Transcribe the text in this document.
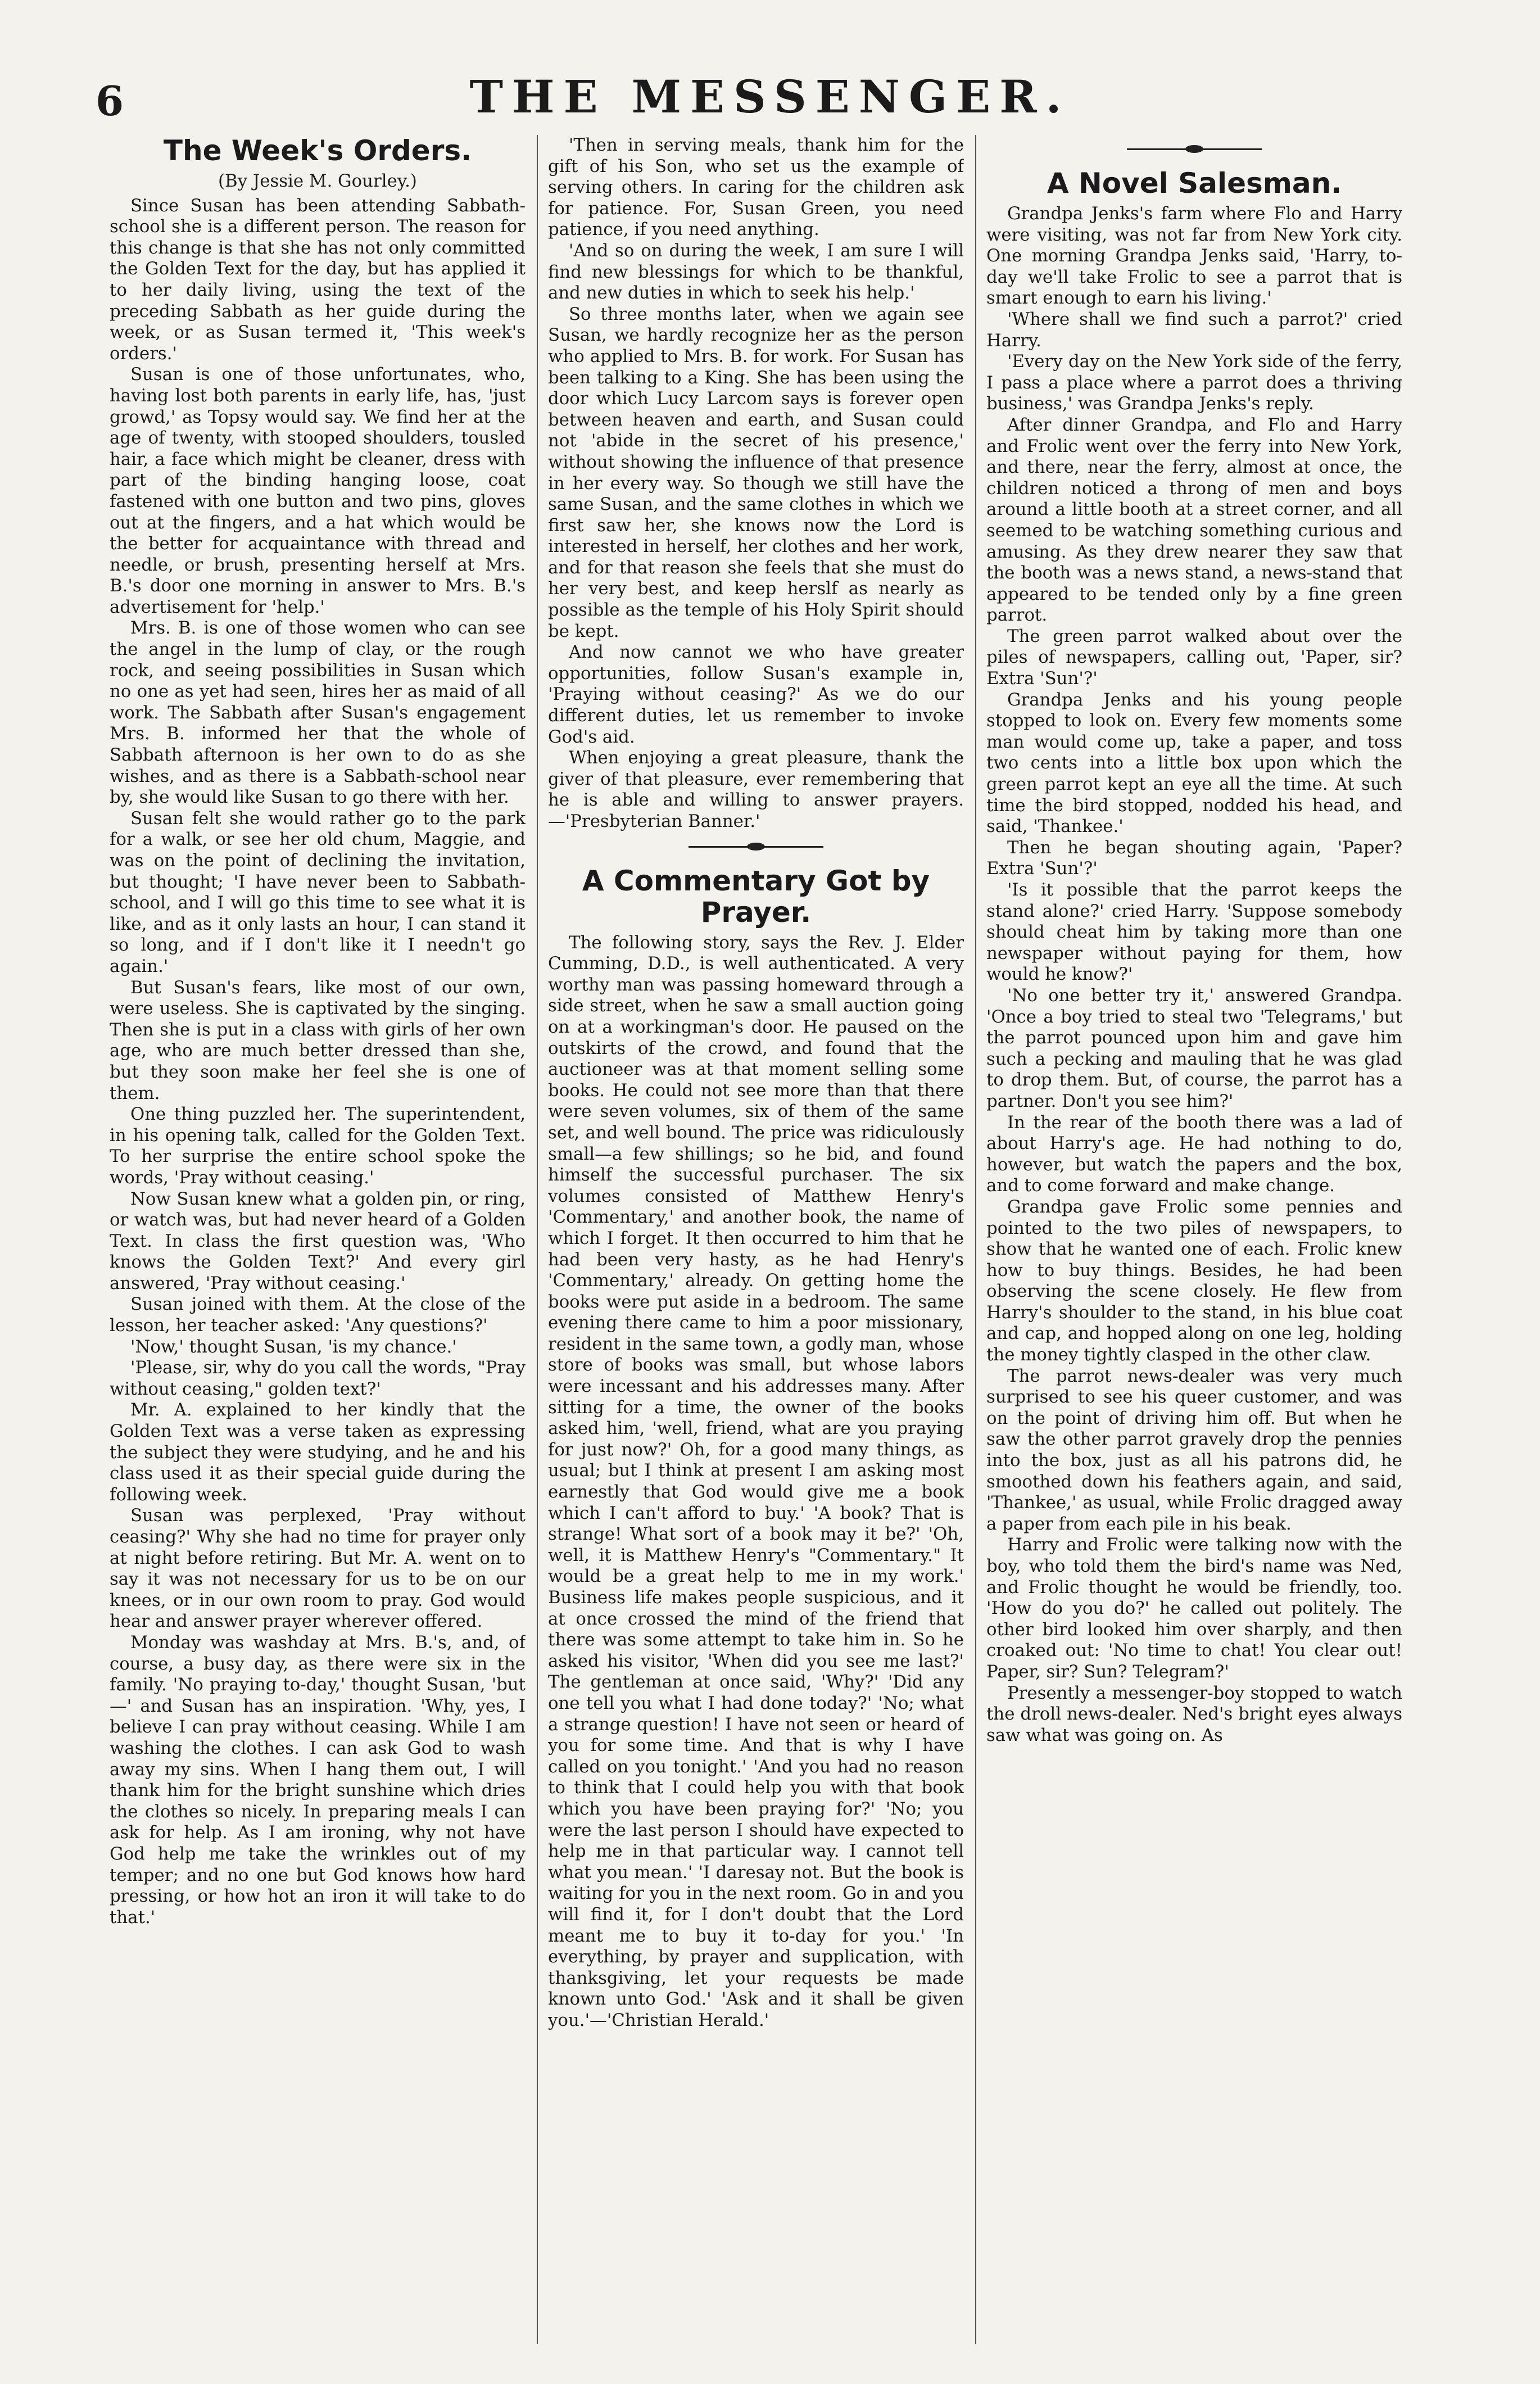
6	THE MESSENGER.
The Week's Orders.
(By Jessie M. Gourley.)

Since Susan has been attending Sabbath-school she is a different person. The reason for this change is that she has not only committed the Golden Text for the day, but has applied it to her daily living, using the text of the preceding Sabbath as her guide during the week, or as Susan termed it, 'This week's orders.'

Susan is one of those unfortunates, who, having lost both parents in early life, has, 'just growd,' as Topsy would say. We find her at the age of twenty, with stooped shoulders, tousled hair, a face which might be cleaner, dress with part of the binding hanging loose, coat fastened with one button and two pins, gloves out at the fingers, and a hat which would be the better for acquaintance with thread and needle, or brush, presenting herself at Mrs. B.'s door one morning in answer to Mrs. B.'s advertisement for 'help.'

Mrs. B. is one of those women who can see the angel in the lump of clay, or the rough rock, and seeing possibilities in Susan which no one as yet had seen, hires her as maid of all work. The Sabbath after Susan's engagement Mrs. B. informed her that the whole of Sabbath afternoon is her own to do as she wishes, and as there is a Sabbath-school near by, she would like Susan to go there with her.

Susan felt she would rather go to the park for a walk, or see her old chum, Maggie, and was on the point of declining the invitation, but thought; 'I have never been to Sabbath-school, and I will go this time to see what it is like, and as it only lasts an hour, I can stand it so long, and if I don't like it I needn't go again.'

But Susan's fears, like most of our own, were useless. She is captivated by the singing. Then she is put in a class with girls of her own age, who are much better dressed than she, but they soon make her feel she is one of them.

One thing puzzled her. The superintendent, in his opening talk, called for the Golden Text. To her surprise the entire school spoke the words, 'Pray without ceasing.'

Now Susan knew what a golden pin, or ring, or watch was, but had never heard of a Golden Text. In class the first question was, 'Who knows the Golden Text?' And every girl answered, 'Pray without ceasing.'

Susan joined with them. At the close of the lesson, her teacher asked: 'Any questions?'

'Now,' thought Susan, 'is my chance.'

'Please, sir, why do you call the words, "Pray without ceasing," golden text?'

Mr. A. explained to her kindly that the Golden Text was a verse taken as expressing the subject they were studying, and he and his class used it as their special guide during the following week.

Susan was perplexed, 'Pray without ceasing?' Why she had no time for prayer only at night before retiring. But Mr. A. went on to say it was not necessary for us to be on our knees, or in our own room to pray. God would hear and answer prayer wherever offered.

Monday was washday at Mrs. B.'s, and, of course, a busy day, as there were six in the family. 'No praying to-day,' thought Susan, 'but —' and Susan has an inspiration. 'Why, yes, I believe I can pray without ceasing. While I am washing the clothes. I can ask God to wash away my sins. When I hang them out, I will thank him for the bright sunshine which dries the clothes so nicely. In preparing meals I can ask for help. As I am ironing, why not have God help me take the wrinkles out of my temper; and no one but God knows how hard pressing, or how hot an iron it will take to do that.'

'Then in serving meals, thank him for the gift of his Son, who set us the example of serving others. In caring for the children ask for patience. For, Susan Green, you need patience, if you need anything.

'And so on during the week, I am sure I will find new blessings for which to be thankful, and new duties in which to seek his help.'

So three months later, when we again see Susan, we hardly recognize her as the person who applied to Mrs. B. for work. For Susan has been talking to a King. She has been using the door which Lucy Larcom says is forever open between heaven and earth, and Susan could not 'abide in the secret of his presence,' without showing the influence of that presence in her every way. So though we still have the same Susan, and the same clothes in which we first saw her, she knows now the Lord is interested in herself, her clothes and her work, and for that reason she feels that she must do her very best, and keep herslf as nearly as possible as the temple of his Holy Spirit should be kept.

And now cannot we who have greater opportunities, follow Susan's example in, 'Praying without ceasing?' As we do our different duties, let us remember to invoke God's aid.

When enjoying a great pleasure, thank the giver of that pleasure, ever remembering that he is able and willing to answer prayers.—'Presbyterian Banner.'

A Commentary Got by Prayer.

The following story, says the Rev. J. Elder Cumming, D.D., is well authenticated. A very worthy man was passing homeward through a side street, when he saw a small auction going on at a workingman's door. He paused on the outskirts of the crowd, and found that the auctioneer was at that moment selling some books. He could not see more than that there were seven volumes, six of them of the same set, and well bound. The price was ridiculously small—a few shillings; so he bid, and found himself the successful purchaser. The six volumes consisted of Matthew Henry's 'Commentary,' and another book, the name of which I forget. It then occurred to him that he had been very hasty, as he had Henry's 'Commentary,' already. On getting home the books were put aside in a bedroom. The same evening there came to him a poor missionary, resident in the same town, a godly man, whose store of books was small, but whose labors were incessant and his addresses many. After sitting for a time, the owner of the books asked him, 'well, friend, what are you praying for just now?' Oh, for a good many things, as usual; but I think at present I am asking most earnestly that God would give me a book which I can't afford to buy.' 'A book? That is strange! What sort of a book may it be?' 'Oh, well, it is Matthew Henry's "Commentary." It would be a great help to me in my work.' Business life makes people suspicious, and it at once crossed the mind of the friend that there was some attempt to take him in. So he asked his visitor, 'When did you see me last?' The gentleman at once said, 'Why?' 'Did any one tell you what I had done today?' 'No; what a strange question! I have not seen or heard of you for some time. And that is why I have called on you tonight.' 'And you had no reason to think that I could help you with that book which you have been praying for?' 'No; you were the last person I should have expected to help me in that particular way. I cannot tell what you mean.' 'I daresay not. But the book is waiting for you in the next room. Go in and you will find it, for I don't doubt that the Lord meant me to buy it to-day for you.' 'In everything, by prayer and supplication, with thanksgiving, let your requests be made known unto God.' 'Ask and it shall be given you.'—'Christian Herald.'

A Novel Salesman.

Grandpa Jenks's farm where Flo and Harry were visiting, was not far from New York city. One morning Grandpa Jenks said, 'Harry, to-day we'll take Frolic to see a parrot that is smart enough to earn his living.'

'Where shall we find such a parrot?' cried Harry.

'Every day on the New York side of the ferry, I pass a place where a parrot does a thriving business,' was Grandpa Jenks's reply.

After dinner Grandpa, and Flo and Harry and Frolic went over the ferry into New York, and there, near the ferry, almost at once, the children noticed a throng of men and boys around a little booth at a street corner, and all seemed to be watching something curious and amusing. As they drew nearer they saw that the booth was a news stand, a news-stand that appeared to be tended only by a fine green parrot.

The green parrot walked about over the piles of newspapers, calling out, 'Paper, sir? Extra 'Sun'?'

Grandpa Jenks and his young people stopped to look on. Every few moments some man would come up, take a paper, and toss two cents into a little box upon which the green parrot kept an eye all the time. At such time the bird stopped, nodded his head, and said, 'Thankee.'

Then he began shouting again, 'Paper? Extra 'Sun'?'

'Is it possible that the parrot keeps the stand alone?' cried Harry. 'Suppose somebody should cheat him by taking more than one newspaper without paying for them, how would he know?'

'No one better try it,' answered Grandpa. 'Once a boy tried to steal two 'Telegrams,' but the parrot pounced upon him and gave him such a pecking and mauling that he was glad to drop them. But, of course, the parrot has a partner. Don't you see him?'

In the rear of the booth there was a lad of about Harry's age. He had nothing to do, however, but watch the papers and the box, and to come forward and make change.

Grandpa gave Frolic some pennies and pointed to the two piles of newspapers, to show that he wanted one of each. Frolic knew how to buy things. Besides, he had been observing the scene closely. He flew from Harry's shoulder to the stand, in his blue coat and cap, and hopped along on one leg, holding the money tightly clasped in the other claw.

The parrot news-dealer was very much surprised to see his queer customer, and was on the point of driving him off. But when he saw the other parrot gravely drop the pennies into the box, just as all his patrons did, he smoothed down his feathers again, and said, 'Thankee,' as usual, while Frolic dragged away a paper from each pile in his beak.

Harry and Frolic were talking now with the boy, who told them the bird's name was Ned, and Frolic thought he would be friendly, too. 'How do you do?' he called out politely. The other bird looked him over sharply, and then croaked out: 'No time to chat! You clear out! Paper, sir? Sun? Telegram?'

Presently a messenger-boy stopped to watch the droll news-dealer. Ned's bright eyes always saw what was going on. As
